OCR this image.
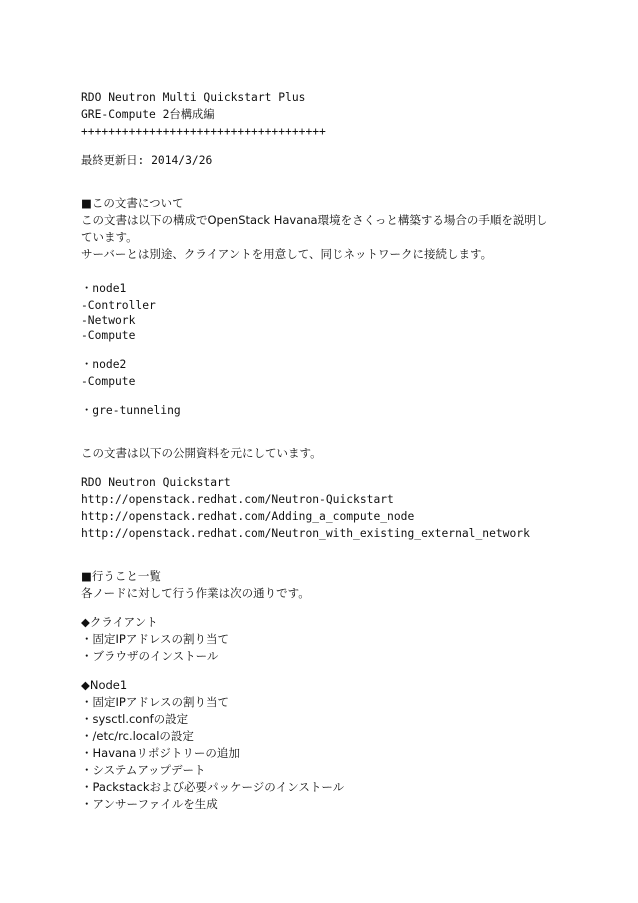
RDO Neutron Multi Quickstart Plus
GRE-Compute 2台構成編
++++++++++++++++++++++++++++++++++++
最終更新日: 2014/3/26
■この文書について
この文書は以下の構成でOpenStack Havana環境をさくっと構築する場合の手順を説明し
ています。
サーバーとは別途、クライアントを用意して、同じネットワークに接続します。
・node1
-Controller
-Network
-Compute
・node2
-Compute
・gre-tunneling
この文書は以下の公開資料を元にしています。
RDO Neutron Quickstart
http://openstack.redhat.com/Neutron-Quickstart
http://openstack.redhat.com/Adding_a_compute_node
http://openstack.redhat.com/Neutron_with_existing_external_network
■行うこと一覧
各ノードに対して行う作業は次の通りです。
◆クライアント
・固定IPアドレスの割り当て
・ブラウザのインストール
◆Node1
・固定IPアドレスの割り当て
・sysctl.confの設定
・/etc/rc.localの設定
・Havanaリポジトリーの追加
・システムアップデート
・Packstackおよび必要パッケージのインストール
・アンサーファイルを生成
